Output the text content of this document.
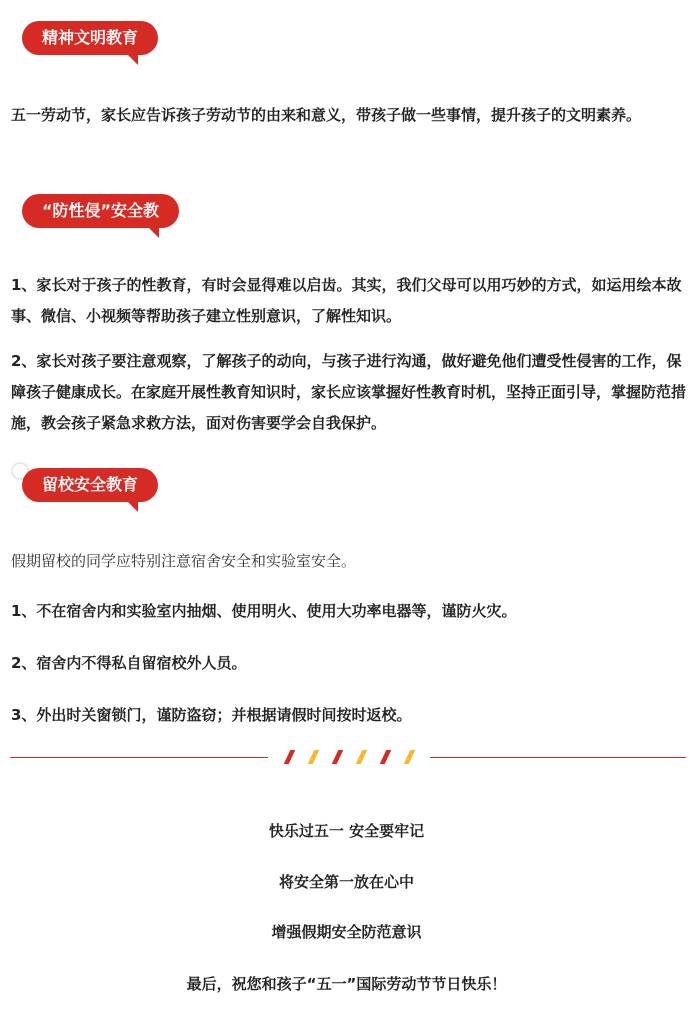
精神文明教育

五一劳动节，家长应告诉孩子劳动节的由来和意义，带孩子做一些事情，提升孩子的文明素养。

“防性侵”安全教

1、家长对于孩子的性教育，有时会显得难以启齿。其实，我们父母可以用巧妙的方式，如运用绘本故事、微信、小视频等帮助孩子建立性别意识，了解性知识。

2、家长对孩子要注意观察，了解孩子的动向，与孩子进行沟通，做好避免他们遭受性侵害的工作，保障孩子健康成长。在家庭开展性教育知识时，家长应该掌握好性教育时机，坚持正面引导，掌握防范措施，教会孩子紧急求救方法，面对伤害要学会自我保护。

留校安全教育

假期留校的同学应特别注意宿舍安全和实验室安全。

1、不在宿舍内和实验室内抽烟、使用明火、使用大功率电器等，谨防火灾。

2、宿舍内不得私自留宿校外人员。

3、外出时关窗锁门，谨防盗窃；并根据请假时间按时返校。

快乐过五一 安全要牢记
将安全第一放在心中
增强假期安全防范意识
最后，祝您和孩子“五一”国际劳动节节日快乐！
